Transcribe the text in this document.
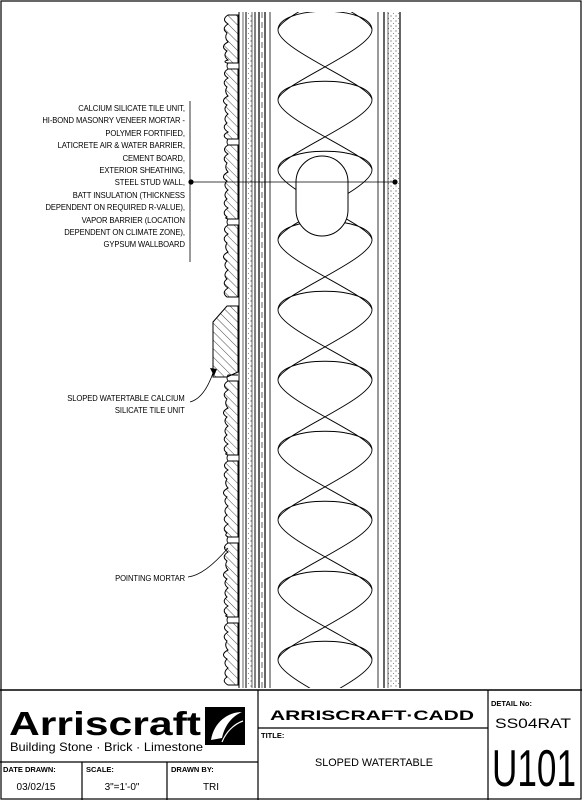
Arriscraft
Building Stone · Brick · Limestone
ARRISCRAFT·CADD
TITLE:
SLOPED WATERTABLE
DETAIL No:
SS04RAT
U101
DATE DRAWN:
03/02/15
SCALE:
3"=1'-0"
DRAWN BY:
TRI
CALCIUM SILICATE TILE UNIT,
HI-BOND MASONRY VENEER MORTAR -
POLYMER FORTIFIED,
LATICRETE AIR & WATER BARRIER,
CEMENT BOARD,
EXTERIOR SHEATHING,
STEEL STUD WALL,
BATT INSULATION (THICKNESS
DEPENDENT ON REQUIRED R-VALUE),
VAPOR BARRIER (LOCATION
DEPENDENT ON CLIMATE ZONE),
GYPSUM WALLBOARD
SLOPED WATERTABLE CALCIUM
SILICATE TILE UNIT
POINTING MORTAR
